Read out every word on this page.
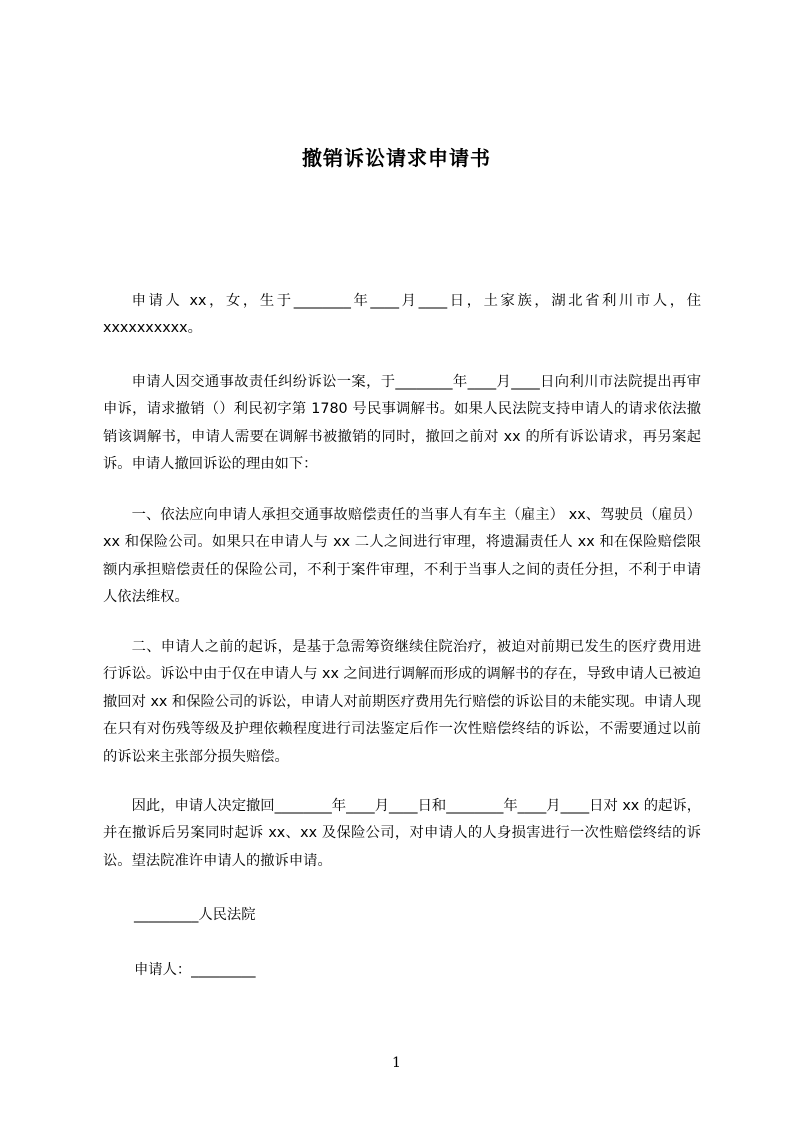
撤销诉讼请求申请书

申请人 xx，女，生于________年____月____日，土家族，湖北省利川市人，住 xxxxxxxxxx。

申请人因交通事故责任纠纷诉讼一案，于________年____月____日向利川市法院提出再审申诉，请求撤销（）利民初字第 1780 号民事调解书。如果人民法院支持申请人的请求依法撤销该调解书，申请人需要在调解书被撤销的同时，撤回之前对 xx 的所有诉讼请求，再另案起诉。申请人撤回诉讼的理由如下：

一、依法应向申请人承担交通事故赔偿责任的当事人有车主（雇主） xx、驾驶员（雇员）xx 和保险公司。如果只在申请人与 xx 二人之间进行审理，将遗漏责任人 xx 和在保险赔偿限额内承担赔偿责任的保险公司，不利于案件审理，不利于当事人之间的责任分担，不利于申请人依法维权。

二、申请人之前的起诉，是基于急需筹资继续住院治疗，被迫对前期已发生的医疗费用进行诉讼。诉讼中由于仅在申请人与 xx 之间进行调解而形成的调解书的存在，导致申请人已被迫撤回对 xx 和保险公司的诉讼，申请人对前期医疗费用先行赔偿的诉讼目的未能实现。申请人现在只有对伤残等级及护理依赖程度进行司法鉴定后作一次性赔偿终结的诉讼，不需要通过以前的诉讼来主张部分损失赔偿。

因此，申请人决定撤回________年____月____日和________年____月____日对 xx 的起诉，并在撤诉后另案同时起诉 xx、xx 及保险公司，对申请人的人身损害进行一次性赔偿终结的诉讼。望法院准许申请人的撤诉申请。

_________人民法院
申请人：_________
1
